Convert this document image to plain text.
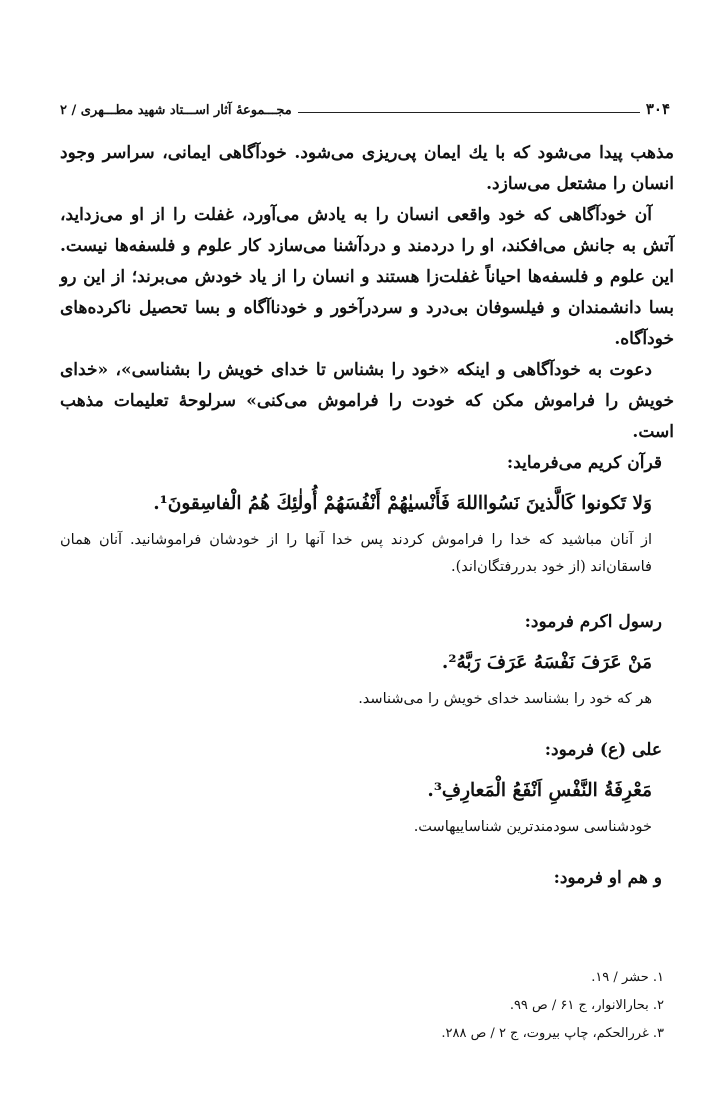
۳۰۴
مجـــموعهٔ آثار اســـتاد شهید مطـــهری / ۲

مذهب پیدا می‌شود که با یك ایمان پی‌ریزی می‌شود. خودآگاهی ایمانی، سراسر وجود انسان را مشتعل می‌سازد.

آن خودآگاهی که خود واقعی انسان را به یادش می‌آورد، غفلت را از او می‌زداید، آتش به جانش می‌افکند، او را دردمند و دردآشنا می‌سازد کار علوم و فلسفه‌ها نیست. این علوم و فلسفه‌ها احیاناً غفلت‌زا هستند و انسان را از یاد خودش می‌برند؛ از این رو بسا دانشمندان و فیلسوفان بی‌درد و سردرآخور و خودناآگاه و بسا تحصیل ناکرده‌های خودآگاه.

دعوت به خودآگاهی و اینکه «خود را بشناس تا خدای خویش را بشناسی»، «خدای خویش را فراموش مکن که خودت را فراموش می‌کنی» سرلوحهٔ تعلیمات مذهب است.

قرآن کریم می‌فرماید:

وَلا تَكونوا كَالَّذينَ نَسُوااللهَ فَأَنْسيٰهُمْ أَنْفُسَهُمْ أُولٰئِكَ هُمُ الْفاسِقونَ¹.

از آنان مباشید که خدا را فراموش کردند پس خدا آنها را از خودشان فراموشانید. آنان همان فاسقان‌اند (از خود بدررفتگان‌اند).

رسول اکرم فرمود:

مَنْ عَرَفَ نَفْسَهُ عَرَفَ رَبَّهُ².

هر که خود را بشناسد خدای خویش را می‌شناسد.

علی (ع) فرمود:

مَعْرِفَةُ النَّفْسِ اَنْفَعُ الْمَعارِفِ³.

خودشناسی سودمندترین شناساییهاست.

و هم او فرمود:

۱. حشر / ۱۹.
۲. بحارالانوار، ج ۶۱ / ص ۹۹.
۳. غررالحکم، چاپ بیروت، ج ۲ / ص ۲۸۸.
